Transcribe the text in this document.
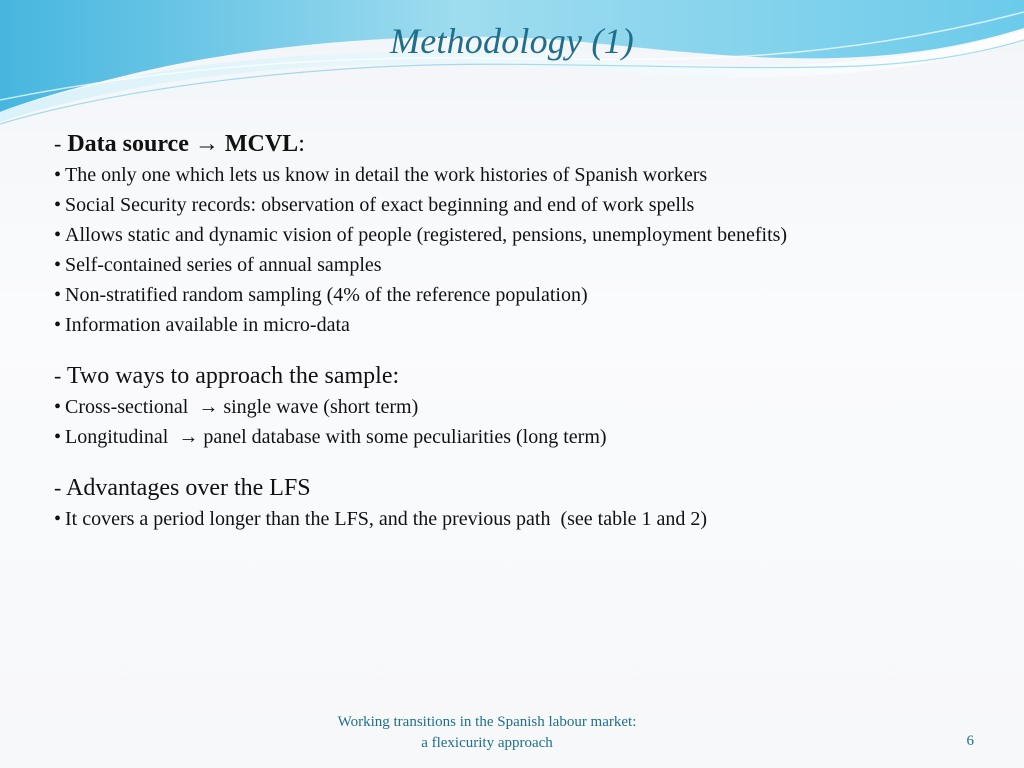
Methodology (1)
- Data source → MCVL:
• The only one which lets us know in detail the work histories of Spanish workers
• Social Security records: observation of exact beginning and end of work spells
• Allows static and dynamic vision of people (registered, pensions, unemployment benefits)
• Self-contained series of annual samples
• Non-stratified random sampling (4% of the reference population)
• Information available in micro-data
- Two ways to approach the sample:
• Cross-sectional  → single wave (short term)
• Longitudinal  → panel database with some peculiarities (long term)
- Advantages over the LFS
• It covers a period longer than the LFS, and the previous path  (see table 1 and 2)
Working transitions in the Spanish labour market:
a flexicurity approach	6
